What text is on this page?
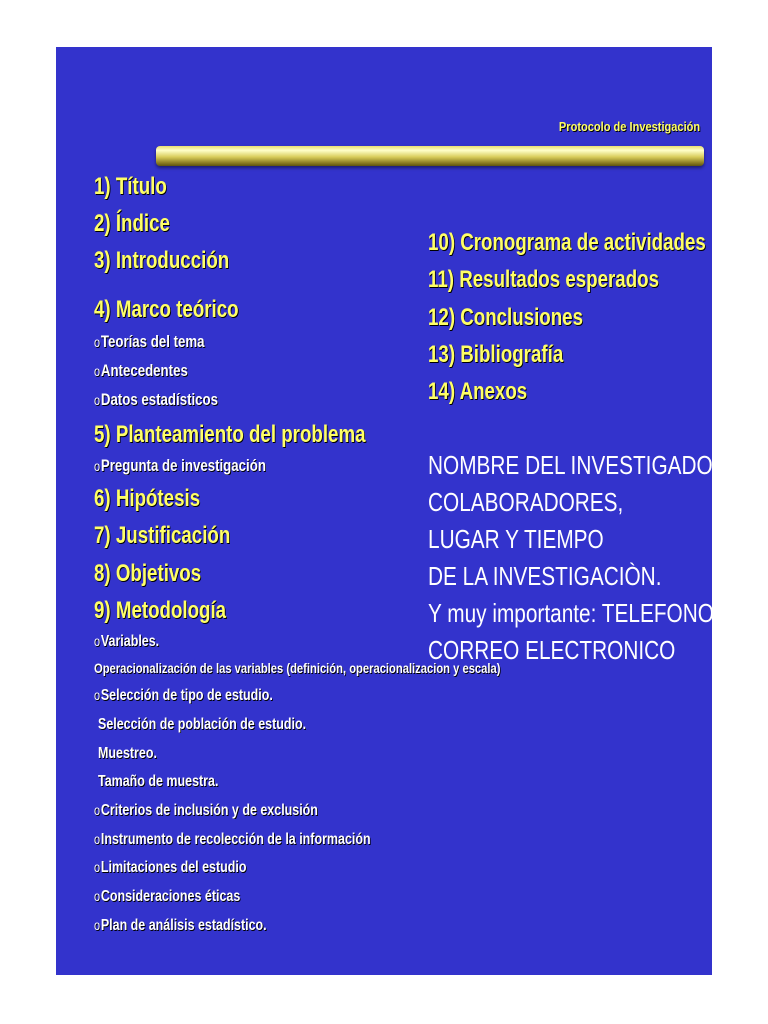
Protocolo de Investigación
1) Título
2) Índice
3) Introducción
4) Marco teórico
oTeorías del tema
oAntecedentes
oDatos estadísticos
5) Planteamiento del problema
oPregunta de investigación
6) Hipótesis
7) Justificación
8) Objetivos
9) Metodología
oVariables.
Operacionalización de las variables (definición, operacionalizacion y escala)
oSelección de tipo de estudio.
Selección de población de estudio.
Muestreo.
Tamaño de muestra.
oCriterios de inclusión y de exclusión
oInstrumento de recolección de la información
oLimitaciones del estudio
oConsideraciones éticas
oPlan de análisis estadístico.
10) Cronograma de actividades
11) Resultados esperados
12) Conclusiones
13) Bibliografía
14) Anexos
NOMBRE DEL INVESTIGADOR,
COLABORADORES,
LUGAR Y TIEMPO
DE LA INVESTIGACIÒN.
Y muy importante: TELEFONO
CORREO ELECTRONICO
